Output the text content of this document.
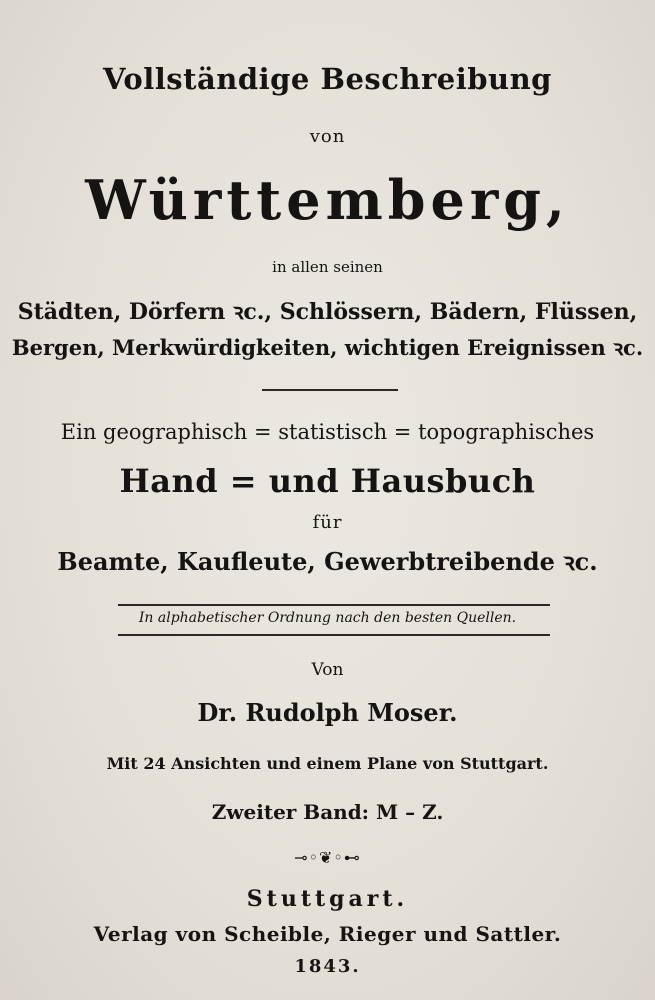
Vollständige Beschreibung
von
Württemberg,
in allen seinen
Städten, Dörfern ꝛc., Schlössern, Bädern, Flüssen,
Bergen, Merkwürdigkeiten, wichtigen Ereignissen ꝛc.
Ein geographisch = statistisch = topographisches
Hand = und Hausbuch
für
Beamte, Kaufleute, Gewerbtreibende ꝛc.
In alphabetischer Ordnung nach den besten Quellen.
Von
Dr. Rudolph Moser.
Mit 24 Ansichten und einem Plane von Stuttgart.
Zweiter Band: M – Z.
⊸◦❦◦⊷
Stuttgart.
Verlag von Scheible, Rieger und Sattler.
1843.
